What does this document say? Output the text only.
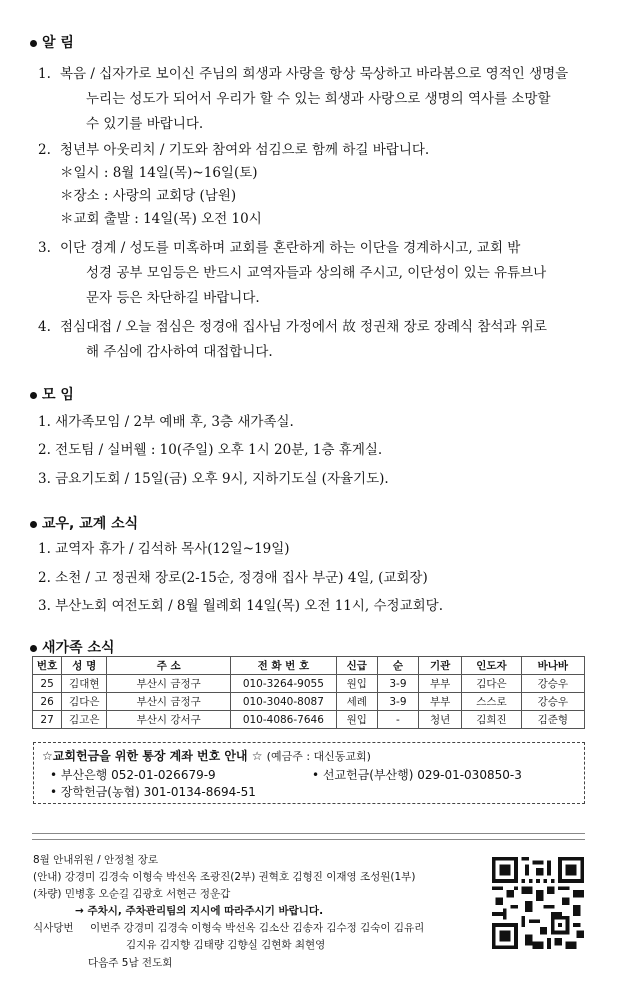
알 림
1. 복음 / 십자가로 보이신 주님의 희생과 사랑을 항상 묵상하고 바라봄으로 영적인 생명을
누리는 성도가 되어서 우리가 할 수 있는 희생과 사랑으로 생명의 역사를 소망할
수 있기를 바랍니다.
2. 청년부 아웃리치 / 기도와 참여와 섬김으로 함께 하길 바랍니다.
＊일시 : 8월 14일(목)~16일(토)
＊장소 : 사랑의 교회당 (남원)
＊교회 출발 : 14일(목) 오전 10시
3. 이단 경계 / 성도를 미혹하며 교회를 혼란하게 하는 이단을 경계하시고, 교회 밖
성경 공부 모임등은 반드시 교역자들과 상의해 주시고, 이단성이 있는 유튜브나
문자 등은 차단하길 바랍니다.
4. 점심대접 / 오늘 점심은 정경애 집사님 가정에서 故 정권채 장로 장례식 참석과 위로
해 주심에 감사하여 대접합니다.
모 임
1. 새가족모임 / 2부 예배 후, 3층 새가족실.
2. 전도팀 / 실버웰 : 10(주일) 오후 1시 20분, 1층 휴게실.
3. 금요기도회 / 15일(금) 오후 9시, 지하기도실 (자율기도).
교우, 교계 소식
1. 교역자 휴가 / 김석하 목사(12일~19일)
2. 소천 / 고 정권채 장로(2-15순, 정경애 집사 부군) 4일, (교회장)
3. 부산노회 여전도회 / 8월 월례회 14일(목) 오전 11시, 수정교회당.
새가족 소식
번호	성 명	주 소	전 화 번 호	신급	순	기관	인도자	바나바
25	김대현	부산시 금정구	010-3264-9055	원입	3-9	부부	김다은	강승우
26	김다은	부산시 금정구	010-3040-8087	세례	3-9	부부	스스로	강승우
27	김고은	부산시 강서구	010-4086-7646	원입	-	청년	김희진	김준형
☆교회헌금을 위한 통장 계좌 번호 안내 ☆ (예금주 : 대신동교회)
• 부산은행 052-01-026679-9	• 선교헌금(부산행) 029-01-030850-3
• 장학헌금(농협) 301-0134-8694-51
8월 안내위원 / 안정철 장로
(안내) 강경미 김경숙 이형숙 박선옥 조광진(2부) 권혁호 김형진 이재영 조성원(1부)
(차량) 민병홍 오순길 김광호 서현근 정운갑
→ 주차시, 주차관리팀의 지시에 따라주시기 바랍니다.
식사당번 이번주 강경미 김경숙 이형숙 박선옥 김소산 김송자 김수정 김숙이 김유리
김지유 김지향 김태량 김향실 김현화 최현영
다음주 5남 전도회
